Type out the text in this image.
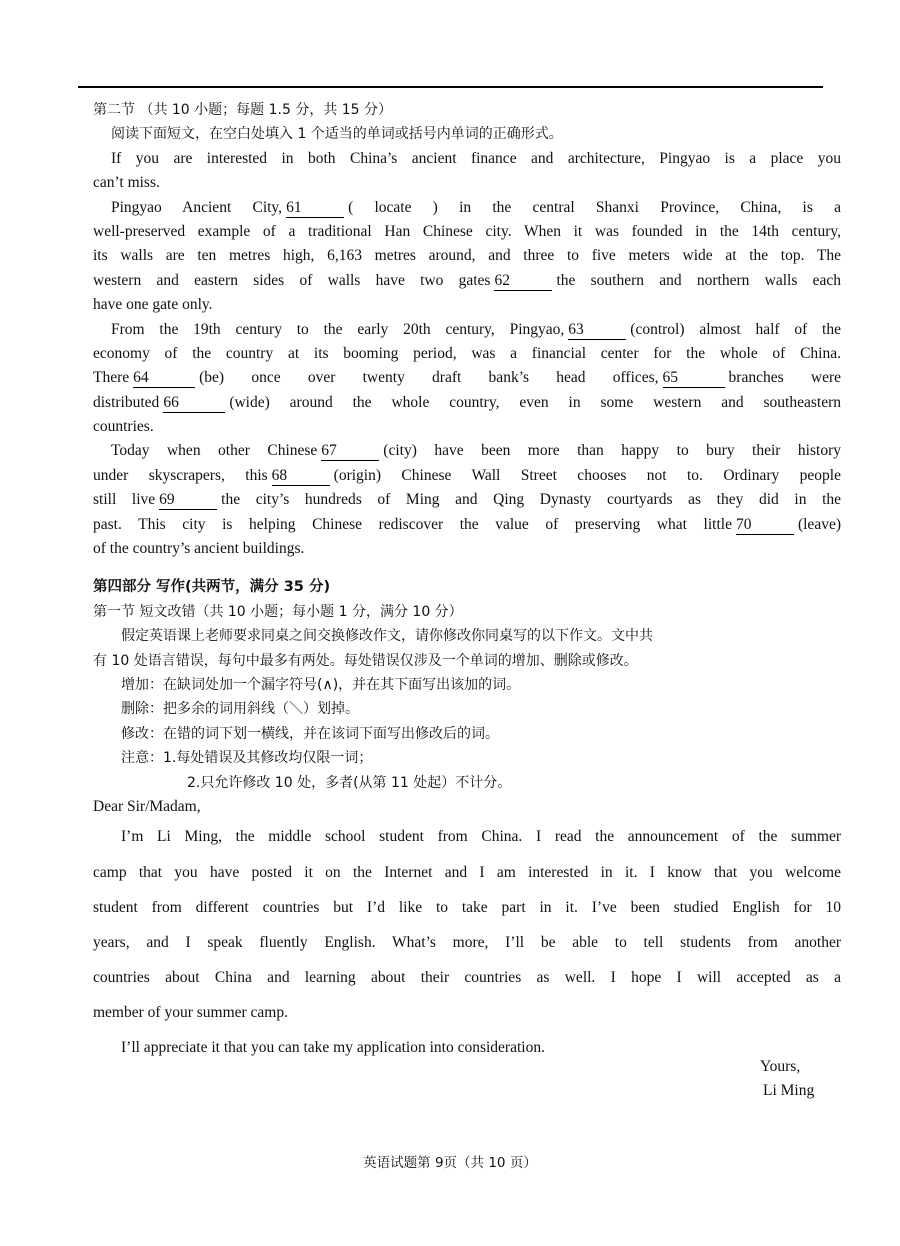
第二节 （共 10 小题；每题 1.5 分，共 15 分）
阅读下面短文，在空白处填入 1 个适当的单词或括号内单词的正确形式。
If you are interested in both China’s ancient finance and architecture, Pingyao is a place you
can’t miss.
Pingyao Ancient City, 61	( locate ) in the central Shanxi Province, China, is a
well-preserved example of a traditional Han Chinese city. When it was founded in the 14th century,
its walls are ten metres high, 6,163 metres around, and three to five meters wide at the top. The
western and eastern sides of walls have two gates 62	the southern and northern walls each
have one gate only.
From the 19th century to the early 20th century, Pingyao, 63	(control) almost half of the
economy of the country at its booming period, was a financial center for the whole of China.
There 64	(be) once over twenty draft bank’s head offices, 65	branches were
distributed 66	(wide) around the whole country, even in some western and southeastern
countries.
Today when other Chinese 67	(city) have been more than happy to bury their history
under skyscrapers, this 68	(origin) Chinese Wall Street chooses not to. Ordinary people
still live 69	the city’s hundreds of Ming and Qing Dynasty courtyards as they did in the
past. This city is helping Chinese rediscover the value of preserving what little 70	(leave)
of the country’s ancient buildings.
第四部分 写作(共两节，满分 35 分)
第一节 短文改错（共 10 小题；每小题 1 分，满分 10 分）
假定英语课上老师要求同桌之间交换修改作文，请你修改你同桌写的以下作文。文中共
有 10 处语言错误，每句中最多有两处。每处错误仅涉及一个单词的增加、删除或修改。
增加：在缺词处加一个漏字符号(∧)，并在其下面写出该加的词。
删除：把多余的词用斜线（＼）划掉。
修改：在错的词下划一横线，并在该词下面写出修改后的词。
注意：1.每处错误及其修改均仅限一词；
2.只允许修改 10 处，多者(从第 11 处起）不计分。
Dear Sir/Madam,
I’m Li Ming, the middle school student from China. I read the announcement of the summer
camp that you have posted it on the Internet and I am interested in it. I know that you welcome
student from different countries but I’d like to take part in it. I’ve been studied English for 10
years, and I speak fluently English. What’s more, I’ll be able to tell students from another
countries about China and learning about their countries as well. I hope I will accepted as a
member of your summer camp.
I’ll appreciate it that you can take my application into consideration.
Yours,
Li Ming
英语试题第 9页（共 10 页）
